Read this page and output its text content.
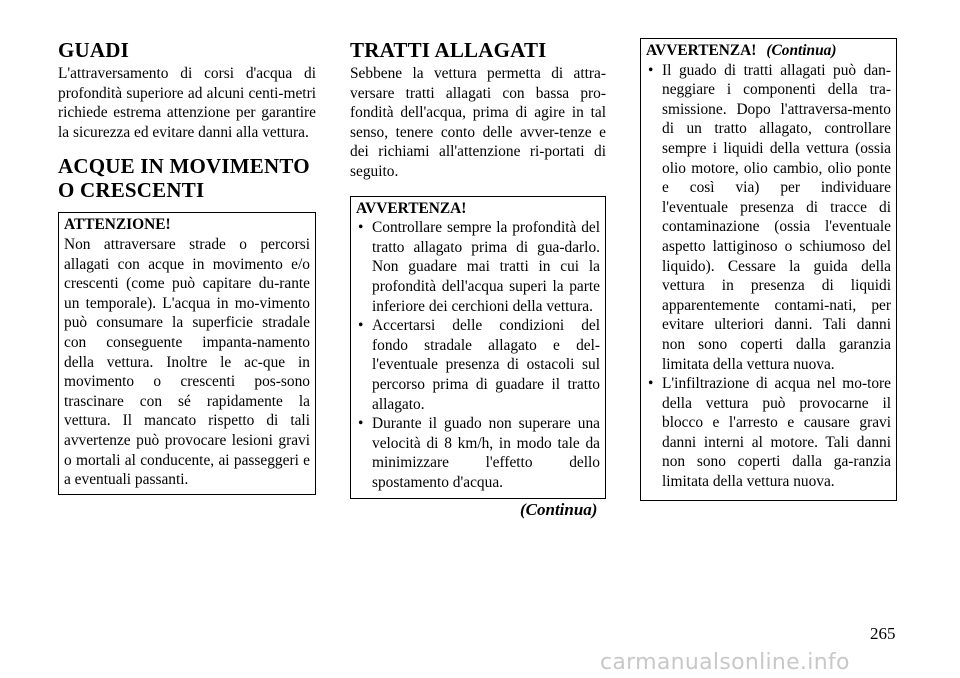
GUADI

L'attraversamento di corsi d'acqua di profondità superiore ad alcuni centi-metri richiede estrema attenzione per garantire la sicurezza ed evitare danni alla vettura.

ACQUE IN MOVIMENTO O CRESCENTI

ATTENZIONE!

Non attraversare strade o percorsi allagati con acque in movimento e/o crescenti (come può capitare du-rante un temporale). L'acqua in mo-vimento può consumare la superficie stradale con conseguente impanta-namento della vettura. Inoltre le ac-que in movimento o crescenti pos-sono trascinare con sé rapidamente la vettura. Il mancato rispetto di tali avvertenze può provocare lesioni gravi o mortali al conducente, ai passeggeri e a eventuali passanti.

TRATTI ALLAGATI

Sebbene la vettura permetta di attra-versare tratti allagati con bassa pro-fondità dell'acqua, prima di agire in tal senso, tenere conto delle avver-tenze e dei richiami all'attenzione ri-portati di seguito.

AVVERTENZA!

• Controllare sempre la profondità del tratto allagato prima di gua-darlo. Non guadare mai tratti in cui la profondità dell'acqua superi la parte inferiore dei cerchioni della vettura.
• Accertarsi delle condizioni del fondo stradale allagato e del-l'eventuale presenza di ostacoli sul percorso prima di guadare il tratto allagato.
• Durante il guado non superare una velocità di 8 km/h, in modo tale da minimizzare l'effetto dello spostamento d'acqua.
(Continua)

AVVERTENZA! (Continua)

• Il guado di tratti allagati può dan-neggiare i componenti della tra-smissione. Dopo l'attraversa-mento di un tratto allagato, controllare sempre i liquidi della vettura (ossia olio motore, olio cambio, olio ponte e così via) per individuare l'eventuale presenza di tracce di contaminazione (ossia l'eventuale aspetto lattiginoso o schiumoso del liquido). Cessare la guida della vettura in presenza di liquidi apparentemente contami-nati, per evitare ulteriori danni. Tali danni non sono coperti dalla garanzia limitata della vettura nuova.
• L'infiltrazione di acqua nel mo-tore della vettura può provocarne il blocco e l'arresto e causare gravi danni interni al motore. Tali danni non sono coperti dalla ga-ranzia limitata della vettura nuova.
265
carmanualsonline.info
